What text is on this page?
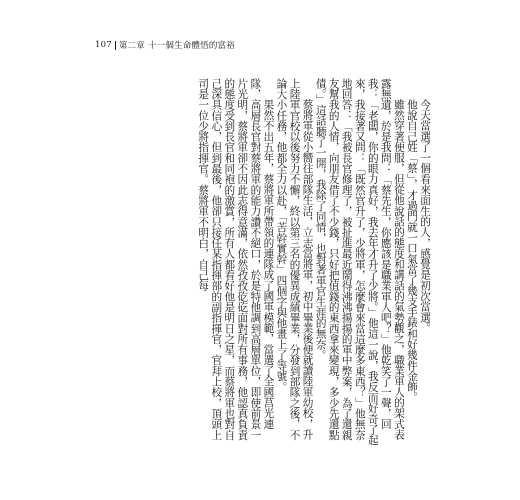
107 第二章 十一個生命體悟的富裕

今天當選了一個看來面生的人，感覺是初次當選。

他說自己姓「蔡」，才過門就一口氣當了幾支手錶和好幾件金飾。

雖然穿著便服，但從他說話的態度和講話的氣勢觀之，職業軍人的架式表露無遺，於是我問：「蔡先生，你應該是職業軍人吧？」他乾笑了一聲，回我：「老闆，你的眼力真好，我去年才升了少將。」他這一說，我反而好奇了起來，我接著又問：「既然官升了，少將軍，怎麼會來當這麼多東西？」他無奈地回答：「我被長官修理了，被扯進最近鬧得沸沸揚揚的軍中弊案，為了還親友幫我的人情，向朋友借了不少錢，只好把值錢的東西拿來變現，多少先還點債。」這話聽了一開，我除了同情，也對著軍官生涯的無奈。

蔡將軍從小嚮往部隊生活，立志當將軍，初中畢業後便就讀陸軍幼校，升上陸軍官校以後努力不懈，終以第三名的優異成績畢業，分發到部隊之後，不論大小任務，他都全力以赴，「苦幹實幹」四個字與他畫上了等號。

果然不出五年，蔡將軍所帶領的連隊成了國軍模範，當選了全國莒光連隊，高層長官對蔡將軍的能力讚不絕口，於是特他調到高層單位，即使前景一片光明，蔡將軍卻不因此志得意滿，依然孜孜矻矻面對所有事務，他認真負責的態度受到長官和同袍的激賞，所有人都看好他是明日之星，而蔡將軍也對自己深具信心，但到最後，他卻只接任某指揮部的副指揮官，官拜上校，頂頭上司是一位少將指揮官。蔡將軍不明白，自己每
